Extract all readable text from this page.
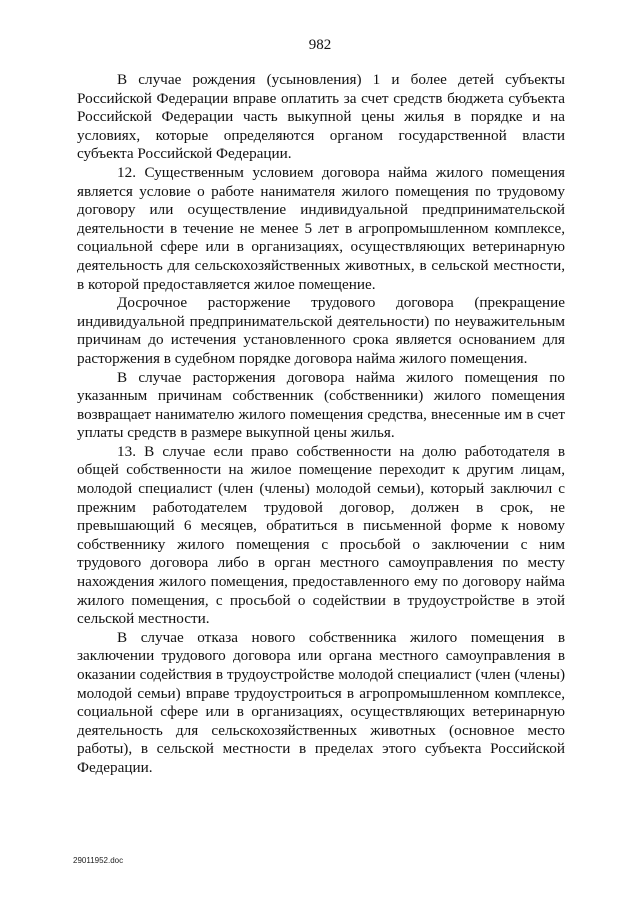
982

В случае рождения (усыновления) 1 и более детей субъекты Российской Федерации вправе оплатить за счет средств бюджета субъекта Российской Федерации часть выкупной цены жилья в порядке и на условиях, которые определяются органом государственной власти субъекта Российской Федерации.

12. Существенным условием договора найма жилого помещения является условие о работе нанимателя жилого помещения по трудовому договору или осуществление индивидуальной предпринимательской деятельности в течение не менее 5 лет в агропромышленном комплексе, социальной сфере или в организациях, осуществляющих ветеринарную деятельность для сельскохозяйственных животных, в сельской местности, в которой предоставляется жилое помещение.

Досрочное расторжение трудового договора (прекращение индивидуальной предпринимательской деятельности) по неуважительным причинам до истечения установленного срока является основанием для расторжения в судебном порядке договора найма жилого помещения.

В случае расторжения договора найма жилого помещения по указанным причинам собственник (собственники) жилого помещения возвращает нанимателю жилого помещения средства, внесенные им в счет уплаты средств в размере выкупной цены жилья.

13. В случае если право собственности на долю работодателя в общей собственности на жилое помещение переходит к другим лицам, молодой специалист (член (члены) молодой семьи), который заключил с прежним работодателем трудовой договор, должен в срок, не превышающий 6 месяцев, обратиться в письменной форме к новому собственнику жилого помещения с просьбой о заключении с ним трудового договора либо в орган местного самоуправления по месту нахождения жилого помещения, предоставленного ему по договору найма жилого помещения, с просьбой о содействии в трудоустройстве в этой сельской местности.

В случае отказа нового собственника жилого помещения в заключении трудового договора или органа местного самоуправления в оказании содействия в трудоустройстве молодой специалист (член (члены) молодой семьи) вправе трудоустроиться в агропромышленном комплексе, социальной сфере или в организациях, осуществляющих ветеринарную деятельность для сельскохозяйственных животных (основное место работы), в сельской местности в пределах этого субъекта Российской Федерации.

29011952.doc
